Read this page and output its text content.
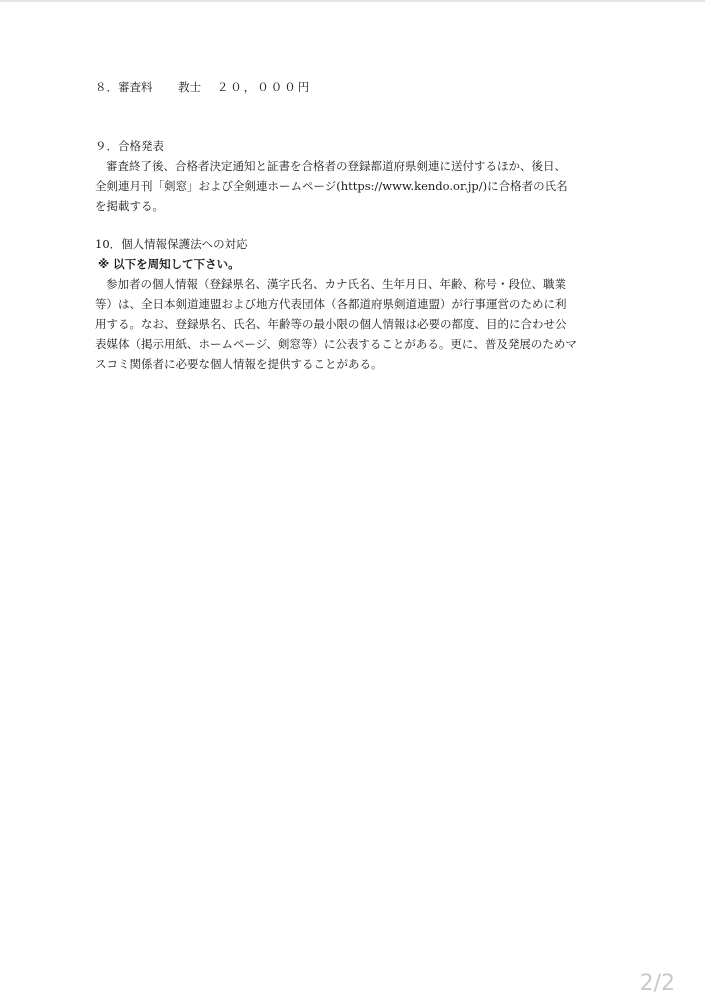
８．審査料 教士 ２０，０００円
９．合格発表
審査終了後、合格者決定通知と証書を合格者の登録都道府県剣連に送付するほか、後日、
全剣連月刊「剣窓」および全剣連ホームページ(https://www.kendo.or.jp/)に合格者の氏名
を掲載する。
10．個人情報保護法への対応
※ 以下を周知して下さい。
参加者の個人情報（登録県名、漢字氏名、カナ氏名、生年月日、年齢、称号・段位、職業
等）は、全日本剣道連盟および地方代表団体（各都道府県剣道連盟）が行事運営のために利
用する。なお、登録県名、氏名、年齢等の最小限の個人情報は必要の都度、目的に合わせ公
表媒体（掲示用紙、ホームページ、剣窓等）に公表することがある。更に、普及発展のためマ
スコミ関係者に必要な個人情報を提供することがある。
2/2
